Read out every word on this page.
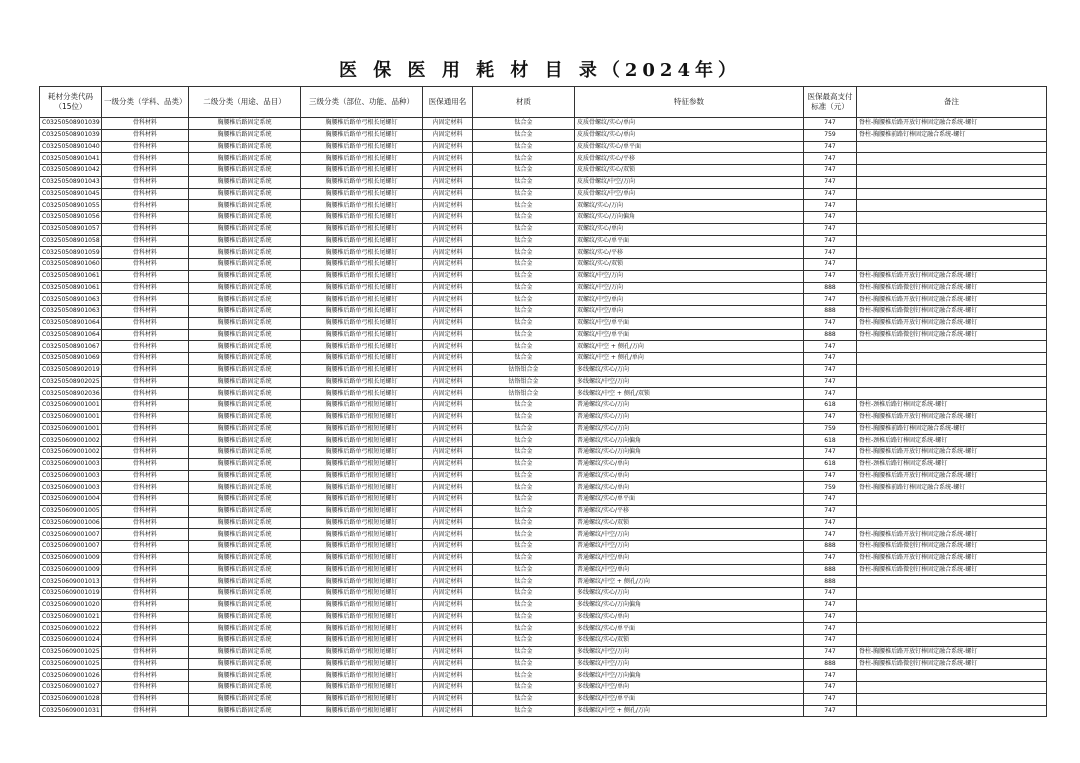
医 保 医 用 耗 材 目 录（2024年）
耗材分类代码（15位）	一级分类（学科、品类）	二级分类（用途、品目）	三级分类（部位、功能、品种）	医保通用名	材质	特征参数	医保最高支付标准（元）	备注
C03250508901039	骨科材料	胸腰椎后路固定系统	胸腰椎后路单弓根长尾螺钉	内固定材料	钛合金	皮质骨螺纹/实心/单向	747	脊柱-胸腰椎后路开放钉棒固定融合系统-螺钉
C03250508901039	骨科材料	胸腰椎后路固定系统	胸腰椎后路单弓根长尾螺钉	内固定材料	钛合金	皮质骨螺纹/实心/单向	759	脊柱-胸腰椎前路钉棒固定融合系统-螺钉
C03250508901040	骨科材料	胸腰椎后路固定系统	胸腰椎后路单弓根长尾螺钉	内固定材料	钛合金	皮质骨螺纹/实心/单平面	747	
C03250508901041	骨科材料	胸腰椎后路固定系统	胸腰椎后路单弓根长尾螺钉	内固定材料	钛合金	皮质骨螺纹/实心/平移	747	
C03250508901042	骨科材料	胸腰椎后路固定系统	胸腰椎后路单弓根长尾螺钉	内固定材料	钛合金	皮质骨螺纹/实心/双锁	747	
C03250508901043	骨科材料	胸腰椎后路固定系统	胸腰椎后路单弓根长尾螺钉	内固定材料	钛合金	皮质骨螺纹/中空/万向	747	
C03250508901045	骨科材料	胸腰椎后路固定系统	胸腰椎后路单弓根长尾螺钉	内固定材料	钛合金	皮质骨螺纹/中空/单向	747	
C03250508901055	骨科材料	胸腰椎后路固定系统	胸腰椎后路单弓根长尾螺钉	内固定材料	钛合金	双螺纹/实心/万向	747	
C03250508901056	骨科材料	胸腰椎后路固定系统	胸腰椎后路单弓根长尾螺钉	内固定材料	钛合金	双螺纹/实心/万向偏角	747	
C03250508901057	骨科材料	胸腰椎后路固定系统	胸腰椎后路单弓根长尾螺钉	内固定材料	钛合金	双螺纹/实心/单向	747	
C03250508901058	骨科材料	胸腰椎后路固定系统	胸腰椎后路单弓根长尾螺钉	内固定材料	钛合金	双螺纹/实心/单平面	747	
C03250508901059	骨科材料	胸腰椎后路固定系统	胸腰椎后路单弓根长尾螺钉	内固定材料	钛合金	双螺纹/实心/平移	747	
C03250508901060	骨科材料	胸腰椎后路固定系统	胸腰椎后路单弓根长尾螺钉	内固定材料	钛合金	双螺纹/实心/双锁	747	
C03250508901061	骨科材料	胸腰椎后路固定系统	胸腰椎后路单弓根长尾螺钉	内固定材料	钛合金	双螺纹/中空/万向	747	脊柱-胸腰椎后路开放钉棒固定融合系统-螺钉
C03250508901061	骨科材料	胸腰椎后路固定系统	胸腰椎后路单弓根长尾螺钉	内固定材料	钛合金	双螺纹/中空/万向	888	脊柱-胸腰椎后路微创钉棒固定融合系统-螺钉
C03250508901063	骨科材料	胸腰椎后路固定系统	胸腰椎后路单弓根长尾螺钉	内固定材料	钛合金	双螺纹/中空/单向	747	脊柱-胸腰椎后路开放钉棒固定融合系统-螺钉
C03250508901063	骨科材料	胸腰椎后路固定系统	胸腰椎后路单弓根长尾螺钉	内固定材料	钛合金	双螺纹/中空/单向	888	脊柱-胸腰椎后路微创钉棒固定融合系统-螺钉
C03250508901064	骨科材料	胸腰椎后路固定系统	胸腰椎后路单弓根长尾螺钉	内固定材料	钛合金	双螺纹/中空/单平面	747	脊柱-胸腰椎后路开放钉棒固定融合系统-螺钉
C03250508901064	骨科材料	胸腰椎后路固定系统	胸腰椎后路单弓根长尾螺钉	内固定材料	钛合金	双螺纹/中空/单平面	888	脊柱-胸腰椎后路微创钉棒固定融合系统-螺钉
C03250508901067	骨科材料	胸腰椎后路固定系统	胸腰椎后路单弓根长尾螺钉	内固定材料	钛合金	双螺纹/中空 + 侧孔/万向	747	
C03250508901069	骨科材料	胸腰椎后路固定系统	胸腰椎后路单弓根长尾螺钉	内固定材料	钛合金	双螺纹/中空 + 侧孔/单向	747	
C03250508902019	骨科材料	胸腰椎后路固定系统	胸腰椎后路单弓根长尾螺钉	内固定材料	钴铬钼合金	多线螺纹/实心/万向	747	
C03250508902025	骨科材料	胸腰椎后路固定系统	胸腰椎后路单弓根长尾螺钉	内固定材料	钴铬钼合金	多线螺纹/中空/万向	747	
C03250508902036	骨科材料	胸腰椎后路固定系统	胸腰椎后路单弓根长尾螺钉	内固定材料	钴铬钼合金	多线螺纹/中空 + 侧孔/双锁	747	
C03250609001001	骨科材料	胸腰椎后路固定系统	胸腰椎后路单弓根短尾螺钉	内固定材料	钛合金	普通螺纹/实心/万向	618	脊柱-颈椎后路钉棒固定系统-螺钉
C03250609001001	骨科材料	胸腰椎后路固定系统	胸腰椎后路单弓根短尾螺钉	内固定材料	钛合金	普通螺纹/实心/万向	747	脊柱-胸腰椎后路开放钉棒固定融合系统-螺钉
C03250609001001	骨科材料	胸腰椎后路固定系统	胸腰椎后路单弓根短尾螺钉	内固定材料	钛合金	普通螺纹/实心/万向	759	脊柱-胸腰椎前路钉棒固定融合系统-螺钉
C03250609001002	骨科材料	胸腰椎后路固定系统	胸腰椎后路单弓根短尾螺钉	内固定材料	钛合金	普通螺纹/实心/万向偏角	618	脊柱-颈椎后路钉棒固定系统-螺钉
C03250609001002	骨科材料	胸腰椎后路固定系统	胸腰椎后路单弓根短尾螺钉	内固定材料	钛合金	普通螺纹/实心/万向偏角	747	脊柱-胸腰椎后路开放钉棒固定融合系统-螺钉
C03250609001003	骨科材料	胸腰椎后路固定系统	胸腰椎后路单弓根短尾螺钉	内固定材料	钛合金	普通螺纹/实心/单向	618	脊柱-颈椎后路钉棒固定系统-螺钉
C03250609001003	骨科材料	胸腰椎后路固定系统	胸腰椎后路单弓根短尾螺钉	内固定材料	钛合金	普通螺纹/实心/单向	747	脊柱-胸腰椎后路开放钉棒固定融合系统-螺钉
C03250609001003	骨科材料	胸腰椎后路固定系统	胸腰椎后路单弓根短尾螺钉	内固定材料	钛合金	普通螺纹/实心/单向	759	脊柱-胸腰椎前路钉棒固定融合系统-螺钉
C03250609001004	骨科材料	胸腰椎后路固定系统	胸腰椎后路单弓根短尾螺钉	内固定材料	钛合金	普通螺纹/实心/单平面	747	
C03250609001005	骨科材料	胸腰椎后路固定系统	胸腰椎后路单弓根短尾螺钉	内固定材料	钛合金	普通螺纹/实心/平移	747	
C03250609001006	骨科材料	胸腰椎后路固定系统	胸腰椎后路单弓根短尾螺钉	内固定材料	钛合金	普通螺纹/实心/双锁	747	
C03250609001007	骨科材料	胸腰椎后路固定系统	胸腰椎后路单弓根短尾螺钉	内固定材料	钛合金	普通螺纹/中空/万向	747	脊柱-胸腰椎后路开放钉棒固定融合系统-螺钉
C03250609001007	骨科材料	胸腰椎后路固定系统	胸腰椎后路单弓根短尾螺钉	内固定材料	钛合金	普通螺纹/中空/万向	888	脊柱-胸腰椎后路微创钉棒固定融合系统-螺钉
C03250609001009	骨科材料	胸腰椎后路固定系统	胸腰椎后路单弓根短尾螺钉	内固定材料	钛合金	普通螺纹/中空/单向	747	脊柱-胸腰椎后路开放钉棒固定融合系统-螺钉
C03250609001009	骨科材料	胸腰椎后路固定系统	胸腰椎后路单弓根短尾螺钉	内固定材料	钛合金	普通螺纹/中空/单向	888	脊柱-胸腰椎后路微创钉棒固定融合系统-螺钉
C03250609001013	骨科材料	胸腰椎后路固定系统	胸腰椎后路单弓根短尾螺钉	内固定材料	钛合金	普通螺纹/中空 + 侧孔/万向	888	
C03250609001019	骨科材料	胸腰椎后路固定系统	胸腰椎后路单弓根短尾螺钉	内固定材料	钛合金	多线螺纹/实心/万向	747	
C03250609001020	骨科材料	胸腰椎后路固定系统	胸腰椎后路单弓根短尾螺钉	内固定材料	钛合金	多线螺纹/实心/万向偏角	747	
C03250609001021	骨科材料	胸腰椎后路固定系统	胸腰椎后路单弓根短尾螺钉	内固定材料	钛合金	多线螺纹/实心/单向	747	
C03250609001022	骨科材料	胸腰椎后路固定系统	胸腰椎后路单弓根短尾螺钉	内固定材料	钛合金	多线螺纹/实心/单平面	747	
C03250609001024	骨科材料	胸腰椎后路固定系统	胸腰椎后路单弓根短尾螺钉	内固定材料	钛合金	多线螺纹/实心/双锁	747	
C03250609001025	骨科材料	胸腰椎后路固定系统	胸腰椎后路单弓根短尾螺钉	内固定材料	钛合金	多线螺纹/中空/万向	747	脊柱-胸腰椎后路开放钉棒固定融合系统-螺钉
C03250609001025	骨科材料	胸腰椎后路固定系统	胸腰椎后路单弓根短尾螺钉	内固定材料	钛合金	多线螺纹/中空/万向	888	脊柱-胸腰椎后路微创钉棒固定融合系统-螺钉
C03250609001026	骨科材料	胸腰椎后路固定系统	胸腰椎后路单弓根短尾螺钉	内固定材料	钛合金	多线螺纹/中空/万向偏角	747	
C03250609001027	骨科材料	胸腰椎后路固定系统	胸腰椎后路单弓根短尾螺钉	内固定材料	钛合金	多线螺纹/中空/单向	747	
C03250609001028	骨科材料	胸腰椎后路固定系统	胸腰椎后路单弓根短尾螺钉	内固定材料	钛合金	多线螺纹/中空/单平面	747	
C03250609001031	骨科材料	胸腰椎后路固定系统	胸腰椎后路单弓根短尾螺钉	内固定材料	钛合金	多线螺纹/中空 + 侧孔/万向	747	
